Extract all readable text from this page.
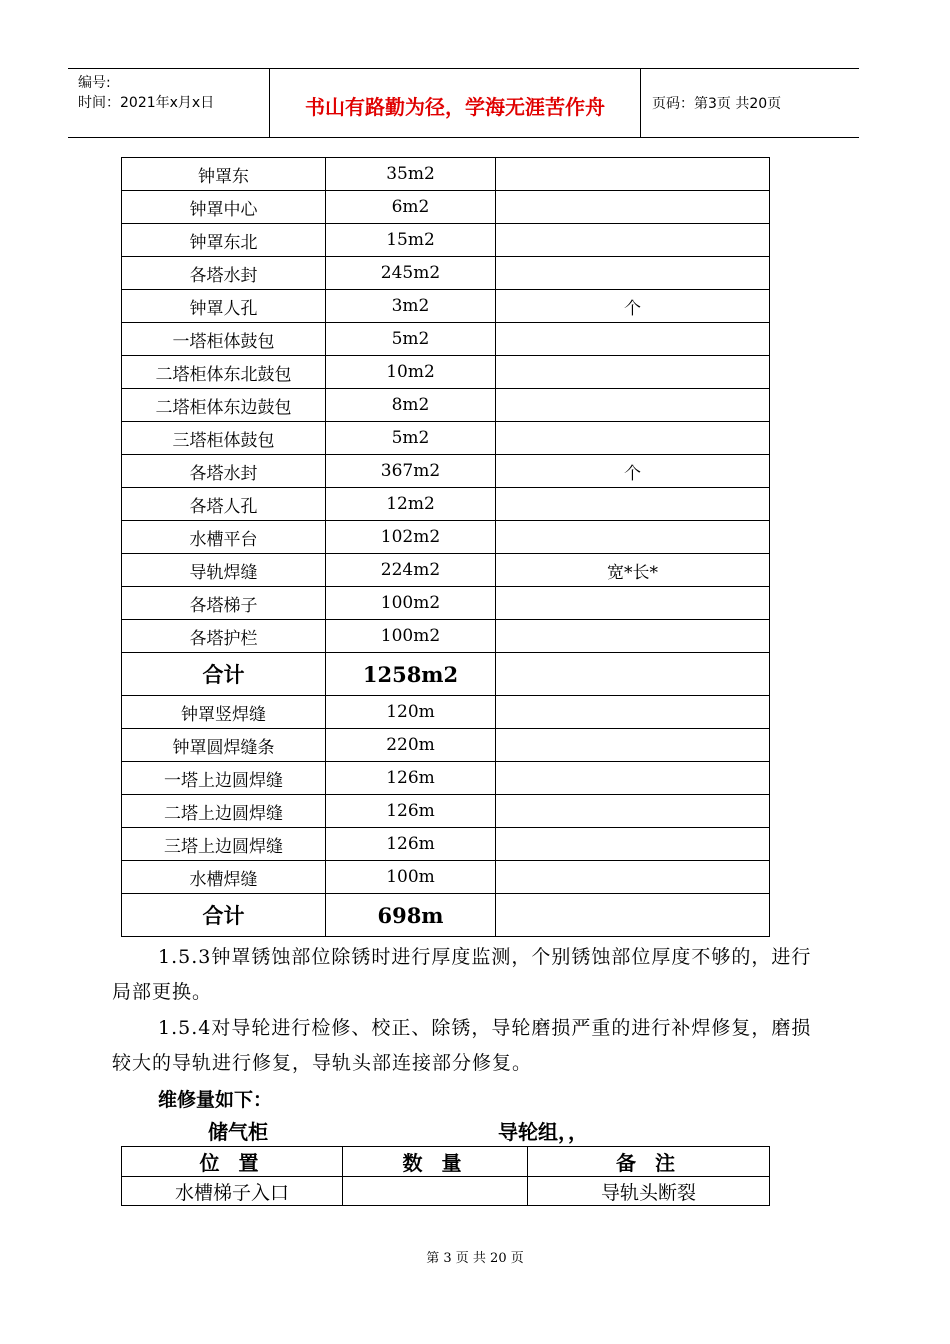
编号:
时间：2021年x月x日	书山有路勤为径，学海无涯苦作舟	页码：第3页 共20页
钟罩东	35m2	
钟罩中心	6m2	
钟罩东北	15m2	
各塔水封	245m2	
钟罩人孔	3m2	个
一塔柜体鼓包	5m2	
二塔柜体东北鼓包	10m2	
二塔柜体东边鼓包	8m2	
三塔柜体鼓包	5m2	
各塔水封	367m2	个
各塔人孔	12m2	
水槽平台	102m2	
导轨焊缝	224m2	宽*长*
各塔梯子	100m2	
各塔护栏	100m2	
合计	1258m2	
钟罩竖焊缝	120m	
钟罩圆焊缝条	220m	
一塔上边圆焊缝	126m	
二塔上边圆焊缝	126m	
三塔上边圆焊缝	126m	
水槽焊缝	100m	
合计	698m	
1.5.3钟罩锈蚀部位除锈时进行厚度监测，个别锈蚀部位厚度不够的，进行局部更换。
1.5.4对导轮进行检修、校正、除锈，导轮磨损严重的进行补焊修复，磨损较大的导轨进行修复，导轨头部连接部分修复。
维修量如下：
储气柜	导轮组，，
位 置	数 量	备 注
水槽梯子入口		导轨头断裂
第 3 页 共 20 页
